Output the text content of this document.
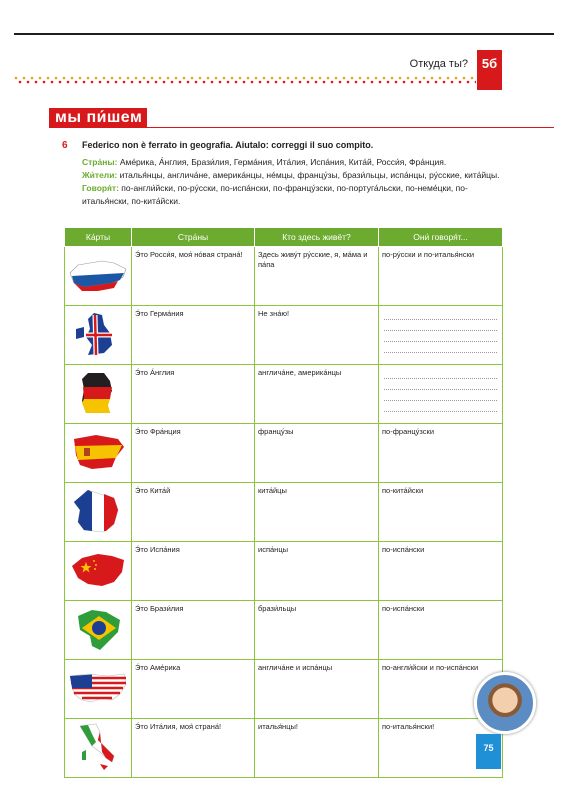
Откуда ты?	5б
мы пи́шем
6 Federico non è ferrato in geografia. Aiutalo: correggi il suo compito.

Стра́ны: Аме́рика, А́нглия, Брази́лия, Герма́ния, Ита́лия, Испа́ния, Кита́й, Росси́я, Фра́нция.

Жи́тели: италья́нцы, англича́не, америка́нцы, не́мцы, францу́зы, брази́льцы, испа́нцы, ру́сские, кита́йцы.

Говоря́т: по-англи́йски, по-ру́сски, по-испа́нски, по-францу́зски, по-португа́льски, по-неме́цки, по-италья́нски, по-кита́йски.

Ка́рты	Стра́ны	Кто здесь живёт?	Они́ говоря́т...
	Э́то Росси́я, моя́ но́вая страна́!	Здесь живу́т ру́сские, я, ма́ма и па́па	по-ру́сски и по-италья́нски
	Э́то Герма́ния	Не зна́ю!	

	Э́то А́нглия	англича́не, америка́нцы	

	Э́то Фра́нция	францу́зы	по-францу́зски
	Э́то Кита́й	кита́йцы	по-кита́йски
	Э́то Испа́ния	испа́нцы	по-испа́нски
	Э́то Брази́лия	брази́льцы	по-испа́нски
	Э́то Аме́рика	англича́не и испа́нцы	по-англи́йски и по-испа́нски
	Э́то Ита́лия, моя́ страна́!	италья́нцы!	по-италья́нски!
75
